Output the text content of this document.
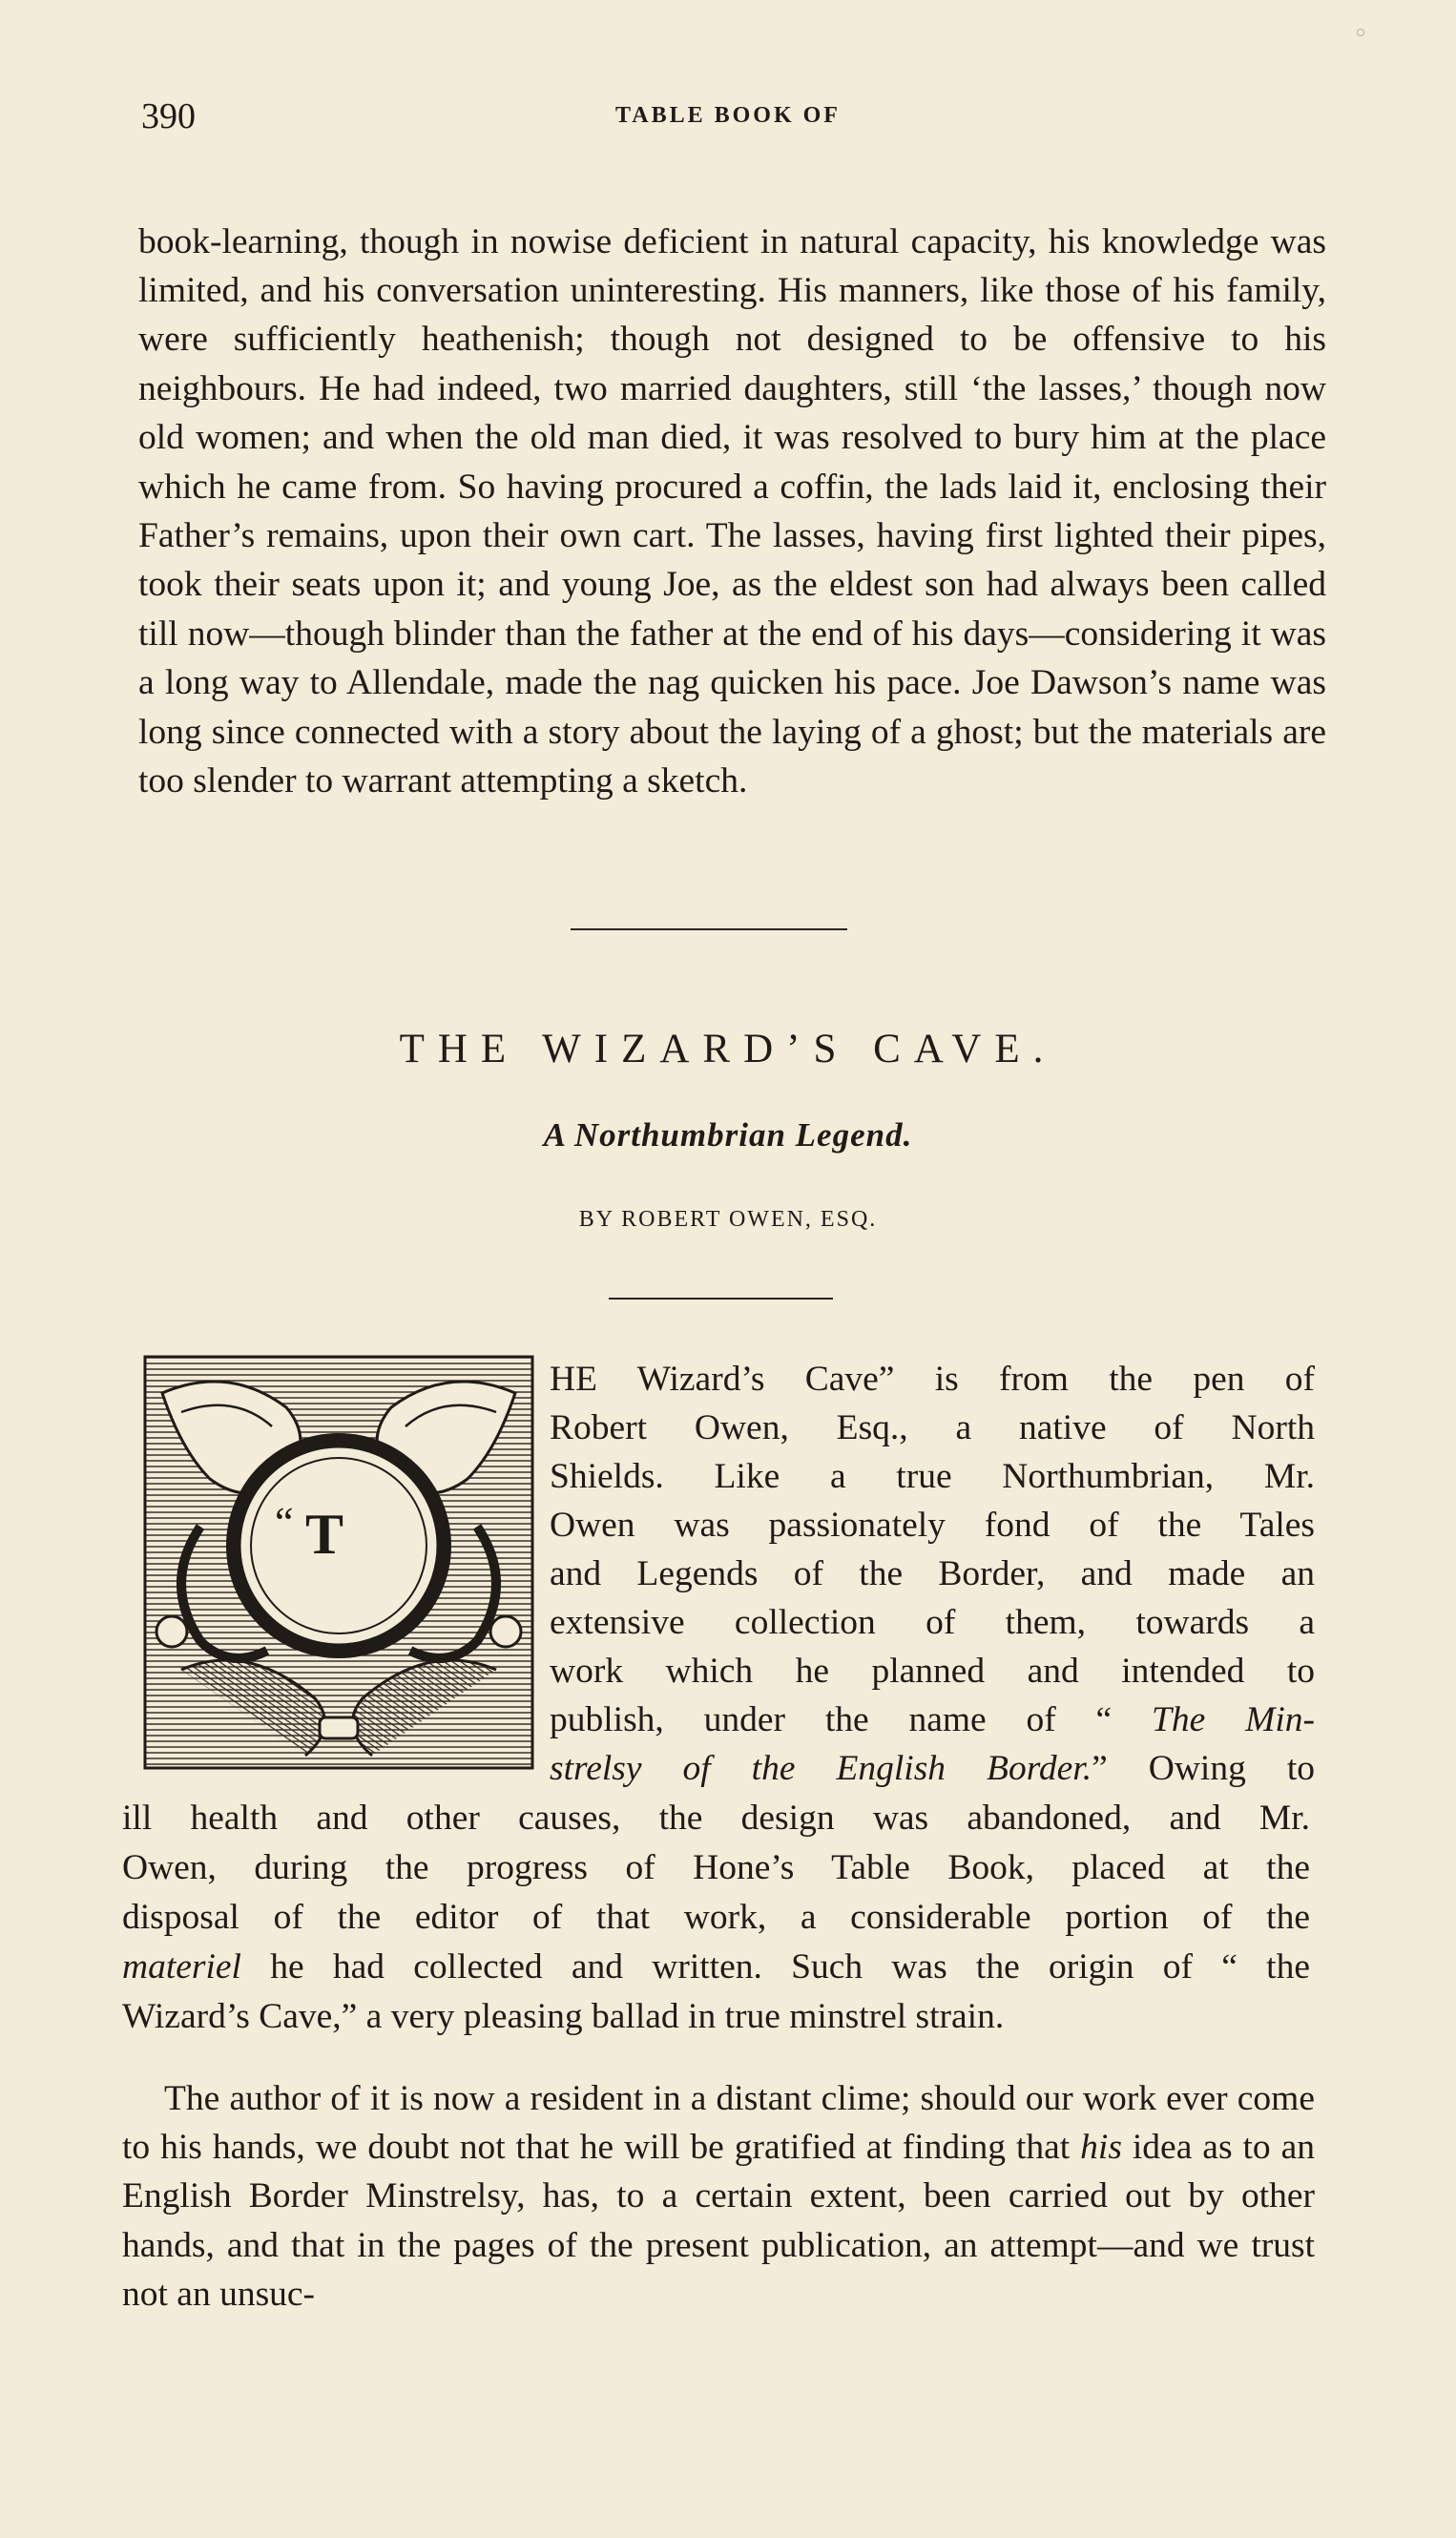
390	TABLE BOOK OF

book-learning, though in nowise deficient in natural capacity, his knowledge was limited, and his conversation uninteresting. His manners, like those of his family, were sufficiently heathenish; though not designed to be offensive to his neighbours. He had indeed, two married daughters, still ‘the lasses,’ though now old women; and when the old man died, it was resolved to bury him at the place which he came from. So having procured a coffin, the lads laid it, enclosing their Father’s remains, upon their own cart. The lasses, having first lighted their pipes, took their seats upon it; and young Joe, as the eldest son had always been called till now—though blinder than the father at the end of his days—considering it was a long way to Allendale, made the nag quicken his pace. Joe Dawson’s name was long since connected with a story about the laying of a ghost; but the materials are too slender to warrant attempting a sketch.

THE WIZARD’S CAVE.
A Northumbrian Legend.
BY ROBERT OWEN, ESQ.
“ T
HE Wizard’s Cave” is from the pen of
Robert Owen, Esq., a native of North
Shields. Like a true Northumbrian, Mr.
Owen was passionately fond of the Tales
and Legends of the Border, and made an
extensive collection of them, towards a
work which he planned and intended to
publish, under the name of “ The Min-
strelsy of the English Border.” Owing to
ill health and other causes, the design was abandoned, and Mr.
Owen, during the progress of Hone’s Table Book, placed at the
disposal of the editor of that work, a considerable portion of the
materiel he had collected and written. Such was the origin of “ the
Wizard’s Cave,” a very pleasing ballad in true minstrel strain.

The author of it is now a resident in a distant clime; should our work ever come to his hands, we doubt not that he will be gratified at finding that his idea as to an English Border Minstrelsy, has, to a certain extent, been carried out by other hands, and that in the pages of the present publication, an attempt—and we trust not an unsuc-
